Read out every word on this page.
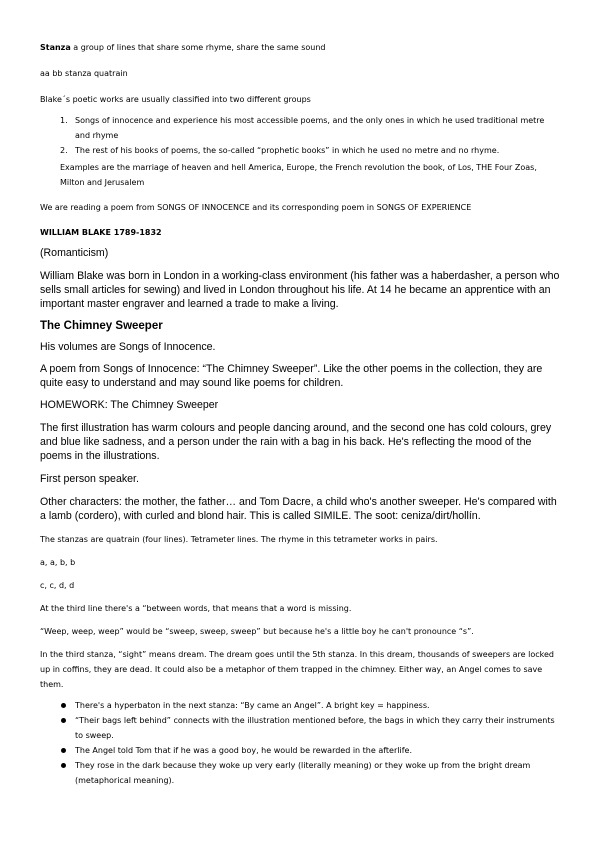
Stanza a group of lines that share some rhyme, share the same sound

aa bb stanza quatrain

Blake´s poetic works are usually classified into two different groups

1. Songs of innocence and experience his most accessible poems, and the only ones in which he used traditional metre and rhyme
2. The rest of his books of poems, the so-called “prophetic books” in which he used no metre and no rhyme.

Examples are the marriage of heaven and hell America, Europe, the French revolution the book, of Los, THE Four Zoas, Milton and Jerusalem

We are reading a poem from SONGS OF INNOCENCE and its corresponding poem in SONGS OF EXPERIENCE

WILLIAM BLAKE 1789-1832

(Romanticism)

William Blake was born in London in a working-class environment (his father was a haberdasher, a person who sells small articles for sewing) and lived in London throughout his life. At 14 he became an apprentice with an important master engraver and learned a trade to make a living.

The Chimney Sweeper

His volumes are Songs of Innocence.

A poem from Songs of Innocence: “The Chimney Sweeper”. Like the other poems in the collection, they are quite easy to understand and may sound like poems for children.

HOMEWORK: The Chimney Sweeper

The first illustration has warm colours and people dancing around, and the second one has cold colours, grey and blue like sadness, and a person under the rain with a bag in his back. He's reflecting the mood of the poems in the illustrations.

First person speaker.

Other characters: the mother, the father… and Tom Dacre, a child who's another sweeper. He's compared with a lamb (cordero), with curled and blond hair. This is called SIMILE. The soot: ceniza/dirt/hollín.

The stanzas are quatrain (four lines). Tetrameter lines. The rhyme in this tetrameter works in pairs.

a, a, b, b

c, c, d, d

At the third line there's a “between words, that means that a word is missing.

“Weep, weep, weep” would be “sweep, sweep, sweep” but because he's a little boy he can't pronounce “s”.

In the third stanza, “sight” means dream. The dream goes until the 5th stanza. In this dream, thousands of sweepers are locked up in coffins, they are dead. It could also be a metaphor of them trapped in the chimney. Either way, an Angel comes to save them.

There's a hyperbaton in the next stanza: “By came an Angel”. A bright key = happiness.
“Their bags left behind” connects with the illustration mentioned before, the bags in which they carry their instruments to sweep.
The Angel told Tom that if he was a good boy, he would be rewarded in the afterlife.
They rose in the dark because they woke up very early (literally meaning) or they woke up from the bright dream (metaphorical meaning).
